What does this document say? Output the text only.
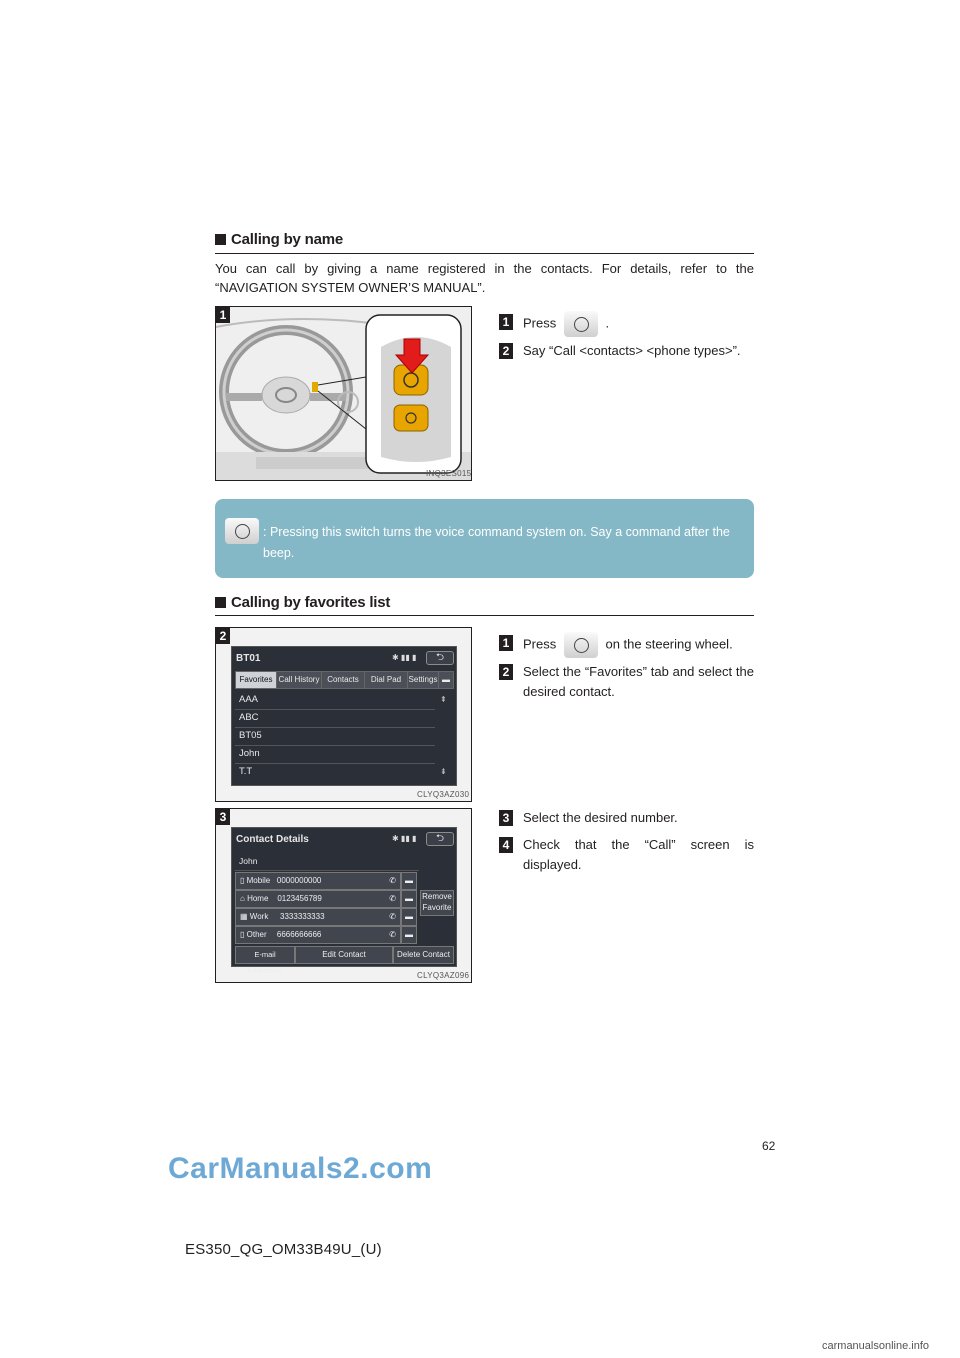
Calling by name
You can call by giving a name registered in the contacts. For details, refer to the “NAVIGATION SYSTEM OWNER’S MANUAL”.
1
INQ3ES015
1 Press	.
2 Say “Call <contacts> <phone types>”.
: Pressing this switch turns the voice command system on. Say a command after the beep.
Calling by favorites list
2
BT01	✱ ▮▮ ▮	⮌
Favorites Call History Contacts	Dial Pad Settings ▬
AAA
ABC
BT05
John
T.T
⇞
⇟
CLYQ3AZ030
1 Press	on the steering wheel.
2 Select the “Favorites” tab and select the desired contact.
3
Contact Details	✱ ▮▮ ▮	⮌
John
▯ Mobile 0000000000	✆	▬
⌂ Home 0123456789	✆	▬
▦ Work 3333333333	✆	▬
▯ Other 6666666666	✆	▬
Remove
Favorite
E-mail Addresses
Edit Contact	Delete Contact
CLYQ3AZ096
3 Select the desired number.
4 Check that the “Call” screen is displayed.
62
CarManuals2.com
ES350_QG_OM33B49U_(U)
carmanualsonline.info
